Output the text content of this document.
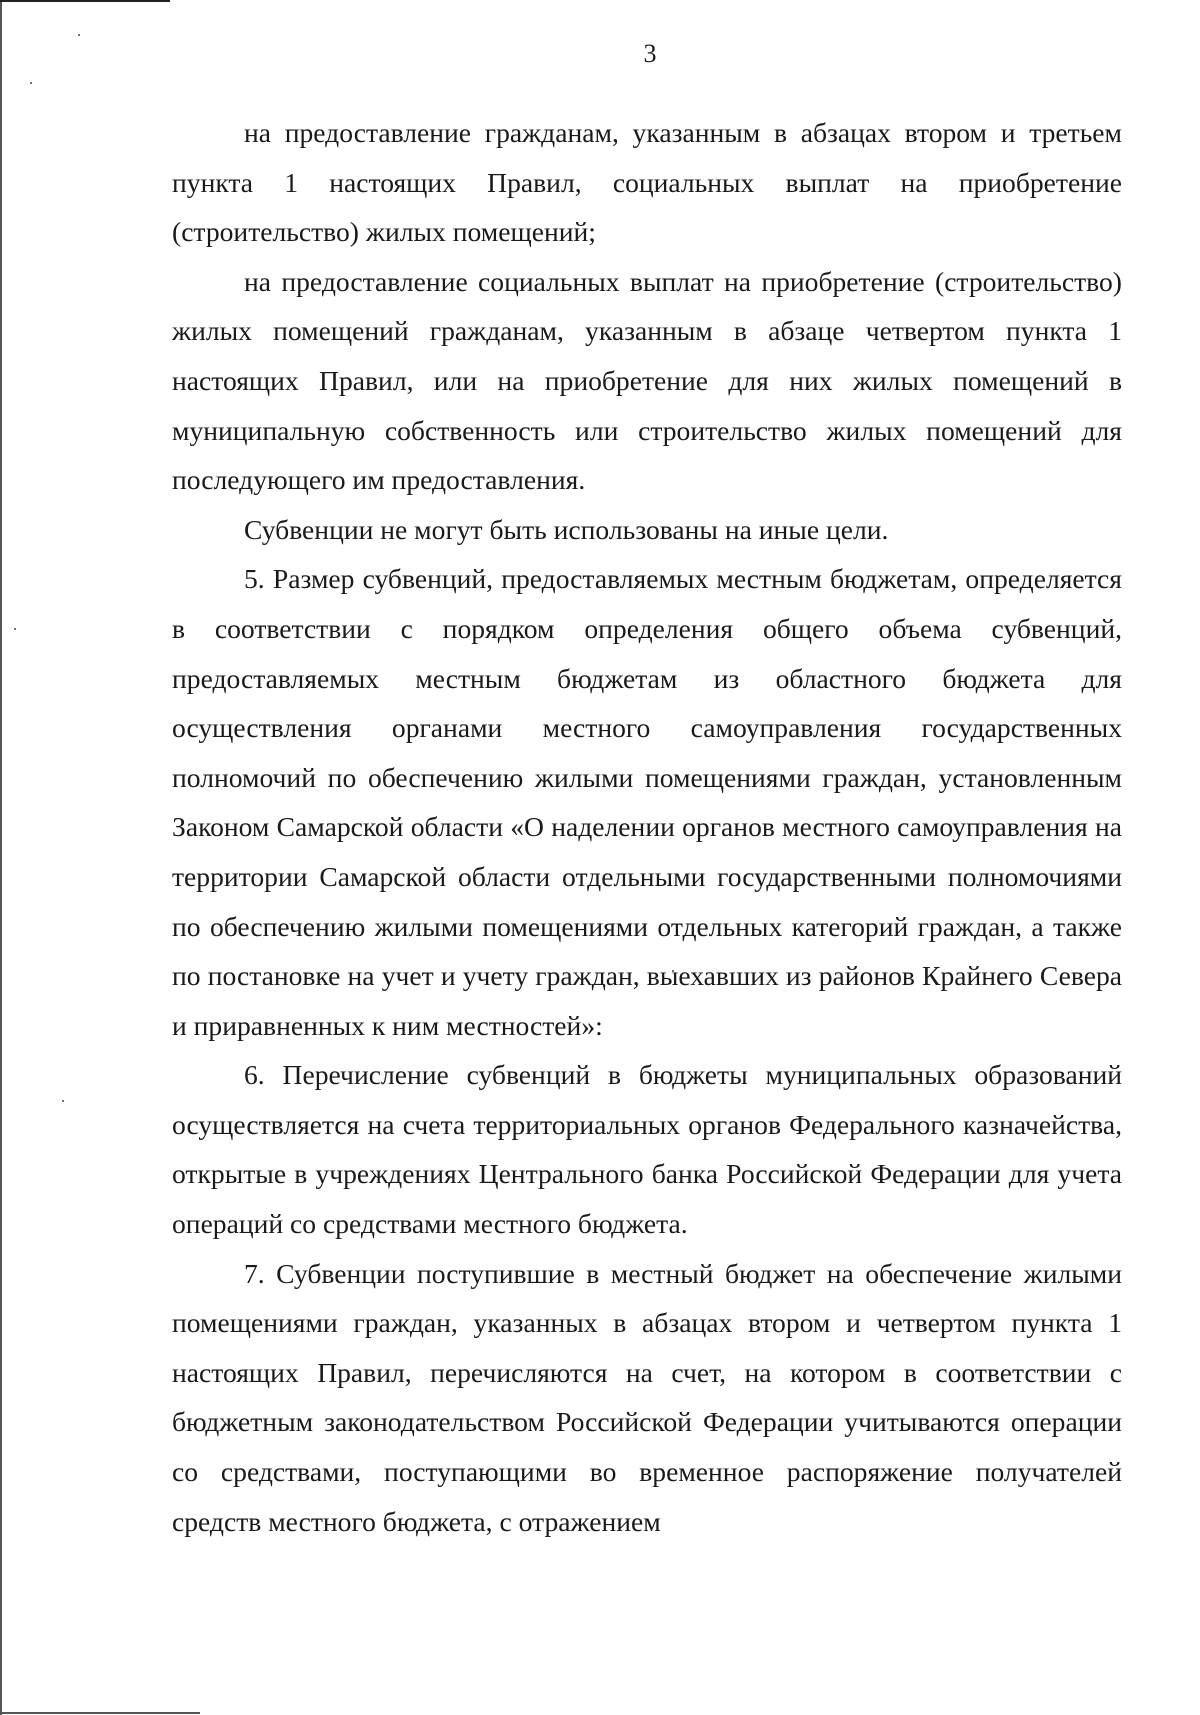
3

на предоставление гражданам, указанным в абзацах втором и третьем пункта 1 настоящих Правил, социальных выплат на приобретение (строительство) жилых помещений;

на предоставление социальных выплат на приобретение (строительство) жилых помещений гражданам, указанным в абзаце четвертом пункта 1 настоящих Правил, или на приобретение для них жилых помещений в муниципальную собственность или строительство жилых помещений для последующего им предоставления.

Субвенции не могут быть использованы на иные цели.

5. Размер субвенций, предоставляемых местным бюджетам, определяется в соответствии с порядком определения общего объема субвенций, предоставляемых местным бюджетам из областного бюджета для осуществления органами местного самоуправления государственных полномочий по обеспечению жилыми помещениями граждан, установленным Законом Самарской области «О наделении органов местного самоуправления на территории Самарской области отдельными государственными полномочиями по обеспечению жилыми помещениями отдельных категорий граждан, а также по постановке на учет и учету граждан, выехавших из районов Крайнего Севера и приравненных к ним местностей»:

6. Перечисление субвенций в бюджеты муниципальных образований осуществляется на счета территориальных органов Федерального казначейства, открытые в учреждениях Центрального банка Российской Федерации для учета операций со средствами местного бюджета.

7. Субвенции поступившие в местный бюджет на обеспечение жилыми помещениями граждан, указанных в абзацах втором и четвертом пункта 1 настоящих Правил, перечисляются на счет, на котором в соответствии с бюджетным законодательством Российской Федерации учитываются операции со средствами, поступающими во временное распоряжение получателей средств местного бюджета, с отражением
